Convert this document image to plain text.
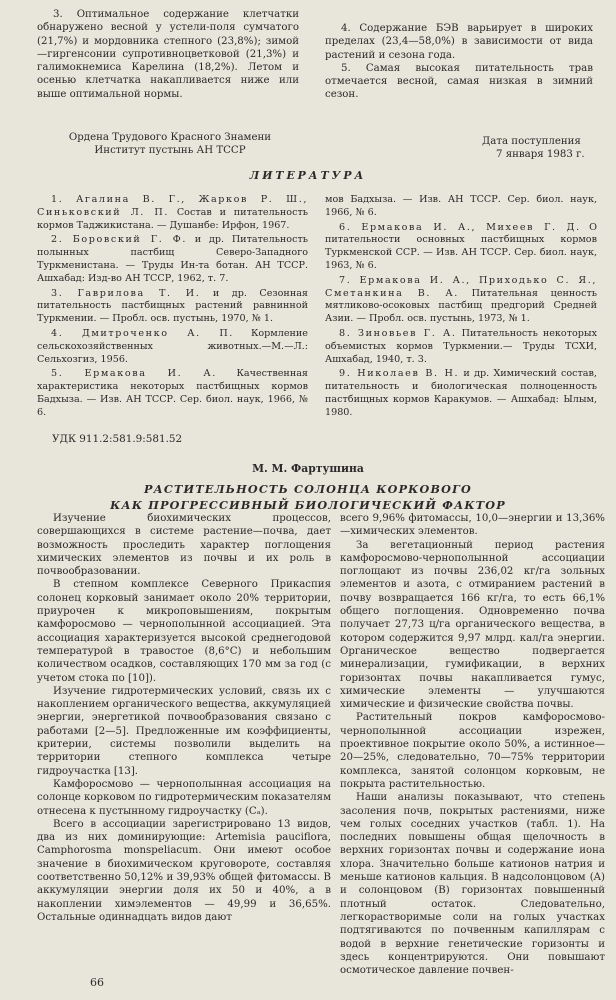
3. Оптимальное содержание клетчатки обнаружено весной у устели-поля сумчатого (21,7%) и мордовника степного (23,8%); зимой—гиргенсонии супротивноцветковой (21,3%) и галимокнемиса Карелина (18,2%). Летом и осенью клетчатка накапливается ниже или выше оптимальной нормы.

4. Содержание БЭВ варьирует в широких пределах (23,4—58,0%) в зависимости от вида растений и сезона года.

5. Самая высокая питательность трав отмечается весной, самая низкая в зимний сезон.

Ордена Трудового Красного Знамени
Институт пустынь АН ТССР
Дата поступления
7 января 1983 г.
ЛИТЕРАТУРА

1. Агалина В. Г., Жарков Р. Ш., Синьковский Л. П. Состав и питательность кормов Таджикистана. — Душанбе: Ирфон, 1967.

2. Боровский Г. Ф. и др. Питательность полынных пастбищ Северо-Западного Туркменистана. — Труды Ин-та ботан. АН ТССР. Ашхабад: Изд-во АН ТССР, 1962, т. 7.

3. Гаврилова Т. И. и др. Сезонная питательность пастбищных растений равнинной Туркмении. — Пробл. осв. пустынь, 1970, № 1.

4. Дмитроченко А. П. Кормление сельскохозяйственных животных.—М.—Л.: Сельхозгиз, 1956.

5. Ермакова И. А. Качественная характеристика некоторых пастбищных кормов Бадхыза. — Изв. АН ТССР. Сер. биол. наук, 1966, № 6.

мов Бадхыза. — Изв. АН ТССР. Сер. биол. наук, 1966, № 6.

6. Ермакова И. А., Михеев Г. Д. О питательности основных пастбищных кормов Туркменской ССР. — Изв. АН ТССР. Сер. биол. наук, 1963, № 6.

7. Ермакова И. А., Приходько С. Я., Сметанкина В. А. Питательная ценность мятликово-осоковых пастбищ предгорий Средней Азии. — Пробл. осв. пустынь, 1973, № 1.

8. Зиновьев Г. А. Питательность некоторых объемистых кормов Туркмении.— Труды ТСХИ, Ашхабад, 1940, т. 3.

9. Николаев В. Н. и др. Химический состав, питательность и биологическая полноценность пастбищных кормов Каракумов. — Ашхабад: Ылым, 1980.

УДК 911.2:581.9:581.52
М. М. Фартушина
РАСТИТЕЛЬНОСТЬ СОЛОНЦА КОРКОВОГО
КАК ПРОГРЕССИВНЫЙ БИОЛОГИЧЕСКИЙ ФАКТОР

Изучение биохимических процессов, совершающихся в системе растение—почва, дает возможность проследить характер поглощения химических элементов из почвы и их роль в почвообразовании.

В степном комплексе Северного Прикаспия солонец корковый занимает около 20% территории, приурочен к микроповышениям, покрытым камфоросмово — чернополынной ассоциацией. Эта ассоциация характеризуется высокой среднегодовой температурой в травостое (8,6°C) и небольшим количеством осадков, составляющих 170 мм за год (с учетом стока по [10]).

Изучение гидротермических условий, связь их с накоплением органического вещества, аккумуляцией энергии, энергетикой почвообразования связано с работами [2—5]. Предложенные им коэффициенты, критерии, системы позволили выделить на территории степного комплекса четыре гидроучастка [13].

Камфоросмово — чернополынная ассоциация на солонце корковом по гидротермическим показателям отнесена к пустынному гидроучастку (Cₐ).

Всего в ассоциации зарегистрировано 13 видов, два из них доминирующие: Artemisia pauciflora, Camphorosma monspeliacum. Они имеют особое значение в биохимическом круговороте, составляя соответственно 50,12% и 39,93% общей фитомассы. В аккумуляции энергии доля их 50 и 40%, а в накоплении химэлементов — 49,99 и 36,65%. Остальные одиннадцать видов дают

всего 9,96% фитомассы, 10,0—энергии и 13,36%—химических элементов.

За вегетационный период растения камфоросмово-чернополынной ассоциации поглощают из почвы 236,02 кг/га зольных элементов и азота, с отмиранием растений в почву возвращается 166 кг/га, то есть 66,1% общего поглощения. Одновременно почва получает 27,73 ц/га органического вещества, в котором содержится 9,97 млрд. кал/га энергии. Органическое вещество подвергается минерализации, гумификации, в верхних горизонтах почвы накапливается гумус, химические элементы — улучшаются химические и физические свойства почвы.

Растительный покров камфоросмово-чернополынной ассоциации изрежен, проективное покрытие около 50%, а истинное—20—25%, следовательно, 70—75% территории комплекса, занятой солонцом корковым, не покрыта растительностью.

Наши анализы показывают, что степень засоления почв, покрытых растениями, ниже чем голых соседних участков (табл. 1). На последних повышены общая щелочность в верхних горизонтах почвы и содержание иона хлора. Значительно больше катионов натрия и меньше катионов кальция. В надсолонцовом (A) и солонцовом (B) горизонтах повышенный плотный остаток. Следовательно, легкорастворимые соли на голых участках подтягиваются по почвенным капиллярам с водой в верхние генетические горизонты и здесь концентрируются. Они повышают осмотическое давление почвен-

66
